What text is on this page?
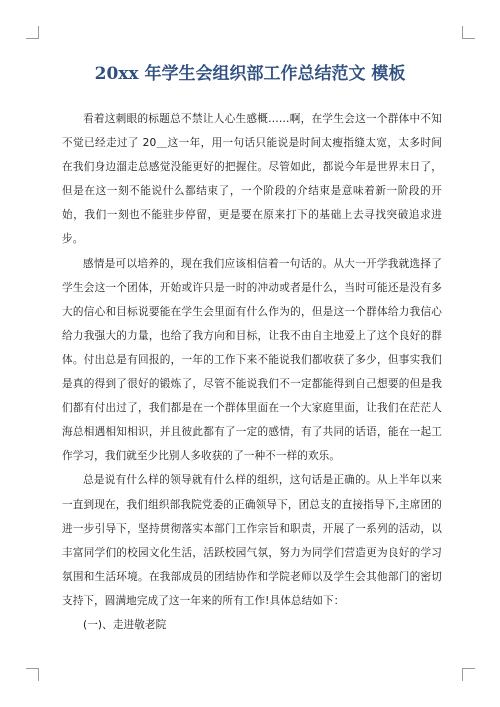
20xx 年学生会组织部工作总结范文 模板

看着这刺眼的标题总不禁让人心生感概……啊，在学生会这一个群体中不知不觉已经走过了 20＿这一年，用一句话只能说是时间太瘦指缝太宽，太多时间在我们身边溜走总感觉没能更好的把握住。尽管如此，都说今年是世界末日了，但是在这一刻不能说什么都结束了，一个阶段的介结束是意味着新一阶段的开始，我们一刻也不能驻步停留，更是要在原来打下的基础上去寻找突破追求进步。

感情是可以培养的，现在我们应该相信着一句话的。从大一开学我就选择了学生会这一个团体，开始或许只是一时的冲动或者是什么，当时可能还是没有多大的信心和目标说要能在学生会里面有什么作为的，但是这一个群体给力我信心给力我强大的力量，也给了我方向和目标，让我不由自主地爱上了这个良好的群体。付出总是有回报的，一年的工作下来不能说我们都收获了多少，但事实我们是真的得到了很好的锻炼了，尽管不能说我们不一定都能得到自己想要的但是我们都有付出过了，我们都是在一个群体里面在一个大家庭里面，让我们在茫茫人海总相遇相知相识，并且彼此都有了一定的感情，有了共同的话语，能在一起工作学习，我们就至少比别人多收获的了一种不一样的欢乐。

总是说有什么样的领导就有什么样的组织，这句话是正确的。从上半年以来一直到现在，我们组织部我院党委的正确领导下，团总支的直接指导下,主席团的进一步引导下，坚持贯彻落实本部门工作宗旨和职责，开展了一系列的活动，以丰富同学们的校园文化生活，活跃校园气氛，努力为同学们营造更为良好的学习氛围和生活环境。在我部成员的团结协作和学院老师以及学生会其他部门的密切支持下，圆满地完成了这一年来的所有工作!具体总结如下：

(一)、走进敬老院
